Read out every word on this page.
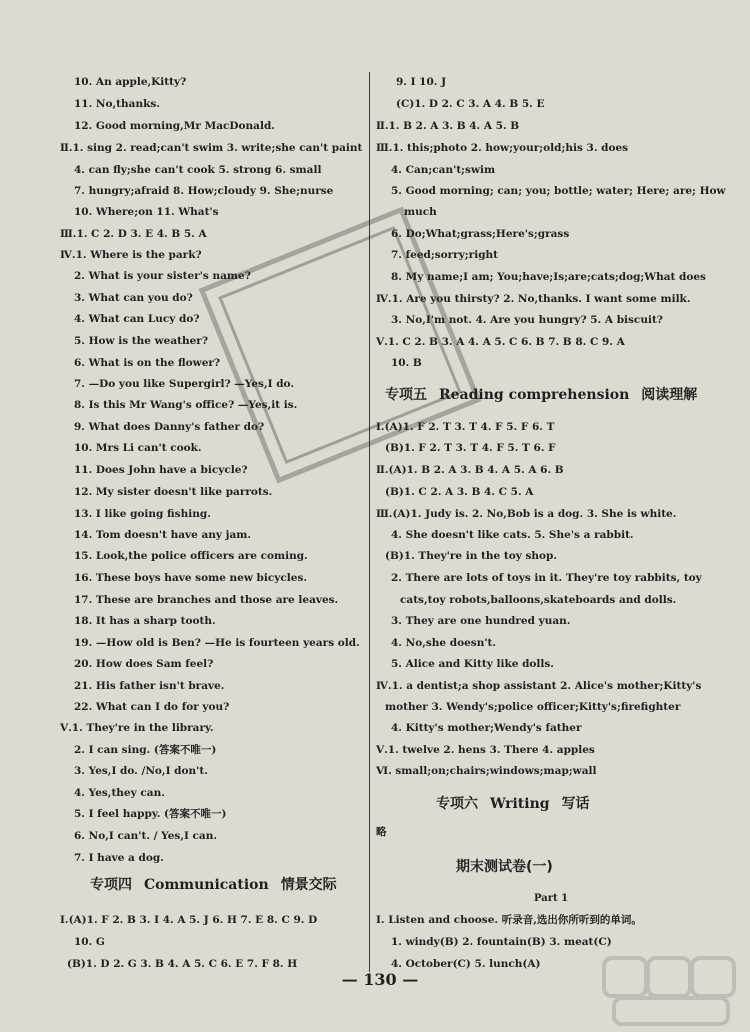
10. An apple,Kitty?
11. No,thanks.
12. Good morning,Mr MacDonald.
Ⅱ.1. sing 2. read;can't swim 3. write;she can't paint
4. can fly;she can't cook 5. strong 6. small
7. hungry;afraid 8. How;cloudy 9. She;nurse
10. Where;on 11. What's
Ⅲ.1. C 2. D 3. E 4. B 5. A
Ⅳ.1. Where is the park?
2. What is your sister's name?
3. What can you do?
4. What can Lucy do?
5. How is the weather?
6. What is on the flower?
7. —Do you like Supergirl? —Yes,I do.
8. Is this Mr Wang's office? —Yes,it is.
9. What does Danny's father do?
10. Mrs Li can't cook.
11. Does John have a bicycle?
12. My sister doesn't like parrots.
13. I like going fishing.
14. Tom doesn't have any jam.
15. Look,the police officers are coming.
16. These boys have some new bicycles.
17. These are branches and those are leaves.
18. It has a sharp tooth.
19. —How old is Ben? —He is fourteen years old.
20. How does Sam feel?
21. His father isn't brave.
22. What can I do for you?
Ⅴ.1. They're in the library.
2. I can sing. (答案不唯一)
3. Yes,I do. /No,I don't.
4. Yes,they can.
5. I feel happy. (答案不唯一)
6. No,I can't. / Yes,I can.
7. I have a dog.
Ⅰ.(A)1. F 2. B 3. I 4. A 5. J 6. H 7. E 8. C 9. D
10. G
(B)1. D 2. G 3. B 4. A 5. C 6. E 7. F 8. H
9. I 10. J
(C)1. D 2. C 3. A 4. B 5. E
Ⅱ.1. B 2. A 3. B 4. A 5. B
Ⅲ.1. this;photo 2. how;your;old;his 3. does
4. Can;can't;swim
5. Good morning; can; you; bottle; water; Here; are; How
much
6. Do;What;grass;Here's;grass
7. feed;sorry;right
8. My name;I am; You;have;Is;are;cats;dog;What does
Ⅳ.1. Are you thirsty? 2. No,thanks. I want some milk.
3. No,I'm not. 4. Are you hungry? 5. A biscuit?
Ⅴ.1. C 2. B 3. A 4. A 5. C 6. B 7. B 8. C 9. A
10. B
Ⅰ.(A)1. F 2. T 3. T 4. F 5. F 6. T
(B)1. F 2. T 3. T 4. F 5. T 6. F
Ⅱ.(A)1. B 2. A 3. B 4. A 5. A 6. B
(B)1. C 2. A 3. B 4. C 5. A
Ⅲ.(A)1. Judy is. 2. No,Bob is a dog. 3. She is white.
4. She doesn't like cats. 5. She's a rabbit.
(B)1. They're in the toy shop.
2. There are lots of toys in it. They're toy rabbits, toy
cats,toy robots,balloons,skateboards and dolls.
3. They are one hundred yuan.
4. No,she doesn't.
5. Alice and Kitty like dolls.
Ⅳ.1. a dentist;a shop assistant 2. Alice's mother;Kitty's
mother 3. Wendy's;police officer;Kitty's;firefighter
4. Kitty's mother;Wendy's father
Ⅴ.1. twelve 2. hens 3. There 4. apples
Ⅵ. small;on;chairs;windows;map;wall
略
Ⅰ. Listen and choose. 听录音,选出你所听到的单词。
1. windy(B) 2. fountain(B) 3. meat(C)
4. October(C) 5. lunch(A)
专项四 Communication 情景交际
专项五 Reading comprehension 阅读理解
专项六 Writing 写话
期末测试卷(一)
Part 1
— 130 —
